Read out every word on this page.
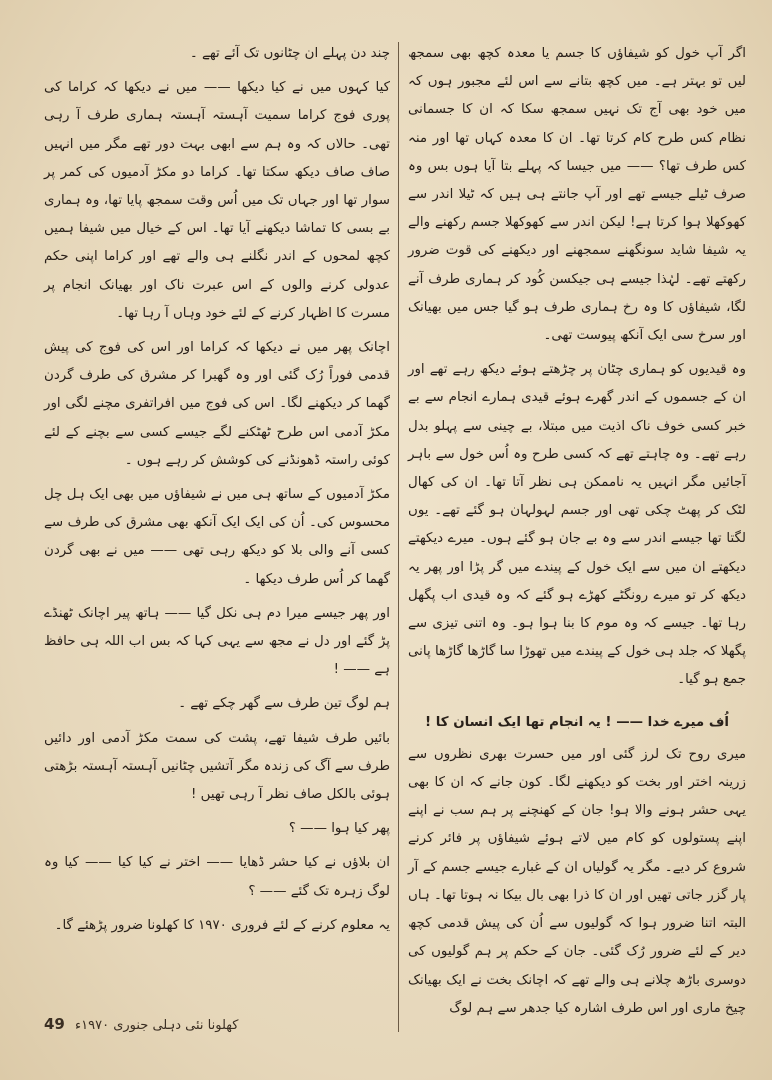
اگر آپ خول کو شیفاؤں کا جسم یا معدہ کچھ بھی سمجھ لیں تو بہتر ہے۔ میں کچھ بتانے سے اس لئے مجبور ہوں کہ میں خود بھی آج تک نہیں سمجھ سکا کہ ان کا جسمانی نظام کس طرح کام کرتا تھا۔ ان کا معدہ کہاں تھا اور منہ کس طرف تھا؟ —— میں جیسا کہ پہلے بتا آیا ہوں بس وہ صرف ٹیلے جیسے تھے اور آپ جانتے ہی ہیں کہ ٹیلا اندر سے کھوکھلا ہوا کرتا ہے! لیکن اندر سے کھوکھلا جسم رکھنے والے یہ شیفا شاید سونگھنے سمجھنے اور دیکھنے کی قوت ضرور رکھتے تھے۔ لہٰذا جیسے ہی جیکسن کُود کر ہماری طرف آنے لگا، شیفاؤں کا وہ رخ ہماری طرف ہو گیا جس میں بھیانک اور سرخ سی ایک آنکھ پیوست تھی۔

وہ قیدیوں کو ہماری چٹان پر چڑھتے ہوئے دیکھ رہے تھے اور ان کے جسموں کے اندر گھرے ہوئے قیدی ہمارے انجام سے بے خبر کسی خوف ناک اذیت میں مبتلا، بے چینی سے پہلو بدل رہے تھے۔ وہ چاہتے تھے کہ کسی طرح وہ اُس خول سے باہر آجائیں مگر انہیں یہ ناممکن ہی نظر آتا تھا۔ ان کی کھال لٹک کر پھٹ چکی تھی اور جسم لہولہان ہو گئے تھے۔ یوں لگتا تھا جیسے اندر سے وہ بے جان ہو گئے ہوں۔ میرے دیکھتے دیکھتے ان میں سے ایک خول کے پیندے میں گر پڑا اور پھر یہ دیکھ کر تو میرے رونگٹے کھڑے ہو گئے کہ وہ قیدی اب پگھل رہا تھا۔ جیسے کہ وہ موم کا بنا ہوا ہو۔ وہ اتنی تیزی سے پگھلا کہ جلد ہی خول کے پیندے میں تھوڑا سا گاڑھا گاڑھا پانی جمع ہو گیا۔

اُف میرے خدا —— ! یہ انجام تھا ایک انسان کا !

میری روح تک لرز گئی اور میں حسرت بھری نظروں سے زرینہ اختر اور بخت کو دیکھنے لگا۔ کون جانے کہ ان کا بھی یہی حشر ہونے والا ہو! جان کے کھنچنے پر ہم سب نے اپنے اپنے پستولوں کو کام میں لاتے ہوئے شیفاؤں پر فائر کرنے شروع کر دیے۔ مگر یہ گولیاں ان کے غبارے جیسے جسم کے آر پار گزر جاتی تھیں اور ان کا ذرا بھی بال بیکا نہ ہوتا تھا۔ ہاں البتہ اتنا ضرور ہوا کہ گولیوں سے اُن کی پیش قدمی کچھ دیر کے لئے ضرور رُک گئی۔ جان کے حکم پر ہم گولیوں کی دوسری باڑھ چلانے ہی والے تھے کہ اچانک بخت نے ایک بھیانک چیخ ماری اور اس طرف اشارہ کیا جدھر سے ہم لوگ

چند دن پہلے ان چٹانوں تک آئے تھے ۔

کیا کہوں میں نے کیا دیکھا —— میں نے دیکھا کہ کراما کی پوری فوج کراما سمیت آہستہ آہستہ ہماری طرف آ رہی تھی۔ حالاں کہ وہ ہم سے ابھی بہت دور تھے مگر میں انہیں صاف صاف دیکھ سکتا تھا۔ کراما دو مکڑ آدمیوں کی کمر پر سوار تھا اور جہاں تک میں اُس وقت سمجھ پایا تھا، وہ ہماری بے بسی کا تماشا دیکھنے آیا تھا۔ اس کے خیال میں شیفا ہمیں کچھ لمحوں کے اندر نگلنے ہی والے تھے اور کراما اپنی حکم عدولی کرنے والوں کے اس عبرت ناک اور بھیانک انجام پر مسرت کا اظہار کرنے کے لئے خود وہاں آ رہا تھا۔

اچانک پھر میں نے دیکھا کہ کراما اور اس کی فوج کی پیش قدمی فوراً رُک گئی اور وہ گھبرا کر مشرق کی طرف گردن گھما کر دیکھنے لگا۔ اس کی فوج میں افراتفری مچنے لگی اور مکڑ آدمی اس طرح ٹھٹکنے لگے جیسے کسی سے بچنے کے لئے کوئی راستہ ڈھونڈنے کی کوشش کر رہے ہوں ۔

مکڑ آدمیوں کے ساتھ ہی میں نے شیفاؤں میں بھی ایک ہل چل محسوس کی۔ اُن کی ایک ایک آنکھ بھی مشرق کی طرف سے کسی آنے والی بلا کو دیکھ رہی تھی —— میں نے بھی گردن گھما کر اُس طرف دیکھا ۔

اور پھر جیسے میرا دم ہی نکل گیا —— ہاتھ پیر اچانک ٹھنڈے پڑ گئے اور دل نے مجھ سے یہی کہا کہ بس اب اللہ ہی حافظ ہے —— !

ہم لوگ تین طرف سے گھر چکے تھے ۔

بائیں طرف شیفا تھے، پشت کی سمت مکڑ آدمی اور دائیں طرف سے آگ کی زندہ مگر آتشیں چٹانیں آہستہ آہستہ بڑھتی ہوئی بالکل صاف نظر آ رہی تھیں !

پھر کیا ہوا —— ؟

ان بلاؤں نے کیا حشر ڈھایا —— اختر نے کیا کیا —— کیا وہ لوگ زہرہ تک گئے —— ؟

یہ معلوم کرنے کے لئے فروری ۱۹۷۰ کا کھلونا ضرور پڑھئے گا۔

کھلونا نئی دہلی جنوری ۱۹۷۰ء 49
